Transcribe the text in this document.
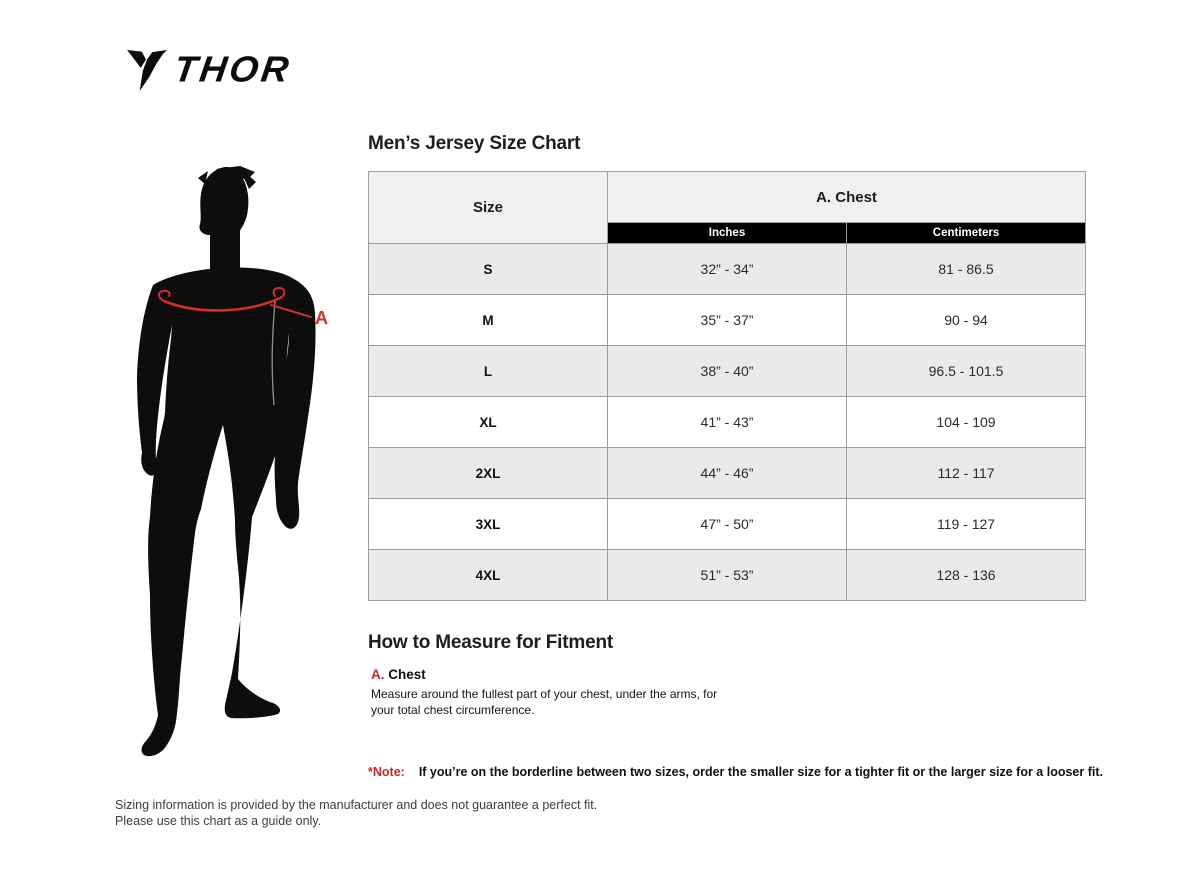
THOR
A
Men’s Jersey Size Chart
Size	A. Chest	
	Inches	Centimeters
S	32” - 34”	81 - 86.5
M	35” - 37”	90 - 94
L	38” - 40”	96.5 - 101.5
XL	41” - 43”	104 - 109
2XL	44” - 46”	112 - 117
3XL	47” - 50”	119 - 127
4XL	51” - 53”	128 - 136
How to Measure for Fitment
A. Chest

Measure around the fullest part of your chest, under the arms, for your total chest circumference.

*Note: If you’re on the borderline between two sizes, order the smaller size for a tighter fit or the larger size for a looser fit.

Sizing information is provided by the manufacturer and does not guarantee a perfect fit.
Please use this chart as a guide only.
